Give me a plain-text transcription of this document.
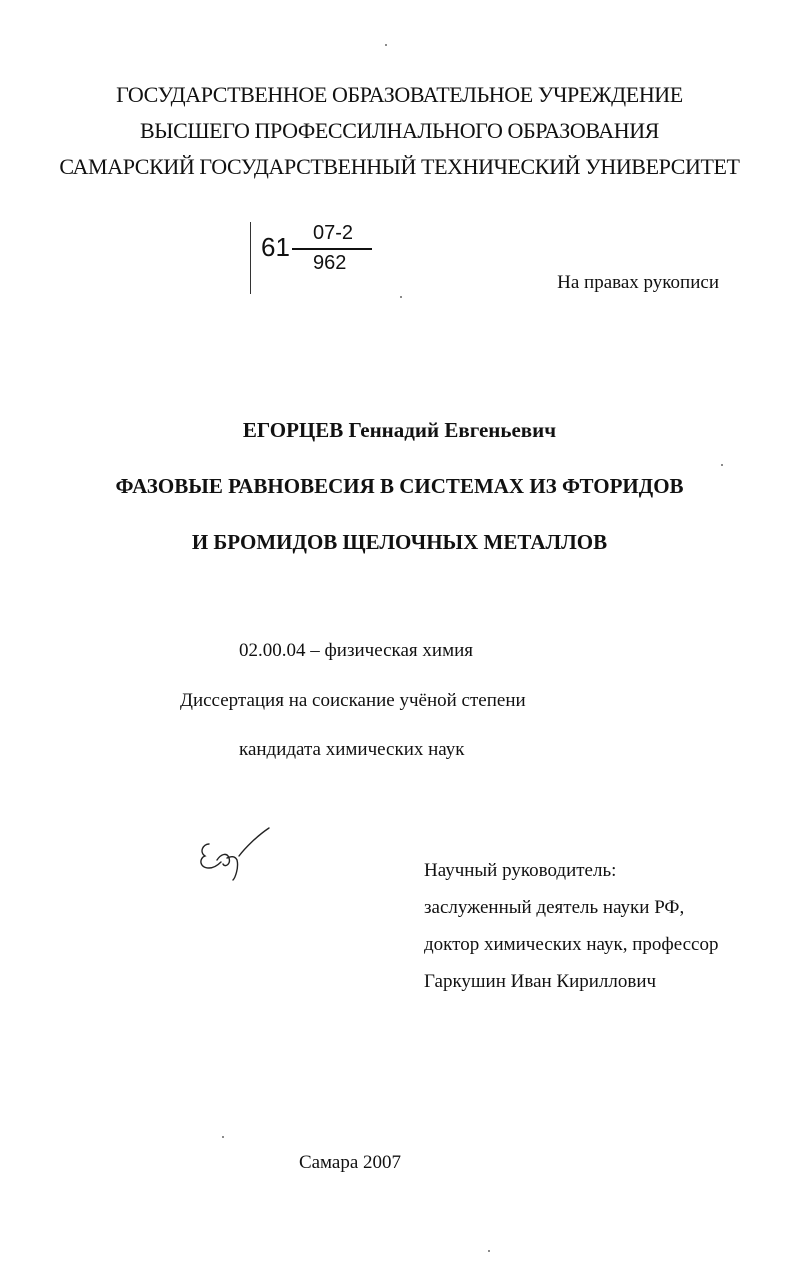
ГОСУДАРСТВЕННОЕ ОБРАЗОВАТЕЛЬНОЕ УЧРЕЖДЕНИЕ
ВЫСШЕГО ПРОФЕССИЛНАЛЬНОГО ОБРАЗОВАНИЯ
САМАРСКИЙ ГОСУДАРСТВЕННЫЙ ТЕХНИЧЕСКИЙ УНИВЕРСИТЕТ
61 07-2
962
На правах рукописи
ЕГОРЦЕВ Геннадий Евгеньевич
ФАЗОВЫЕ РАВНОВЕСИЯ В СИСТЕМАХ ИЗ ФТОРИДОВ
И БРОМИДОВ ЩЕЛОЧНЫХ МЕТАЛЛОВ
02.00.04 – физическая химия
Диссертация на соискание учёной степени
кандидата химических наук
Научный руководитель:
заслуженный деятель науки РФ,
доктор химических наук, профессор
Гаркушин Иван Кириллович
Самара 2007
